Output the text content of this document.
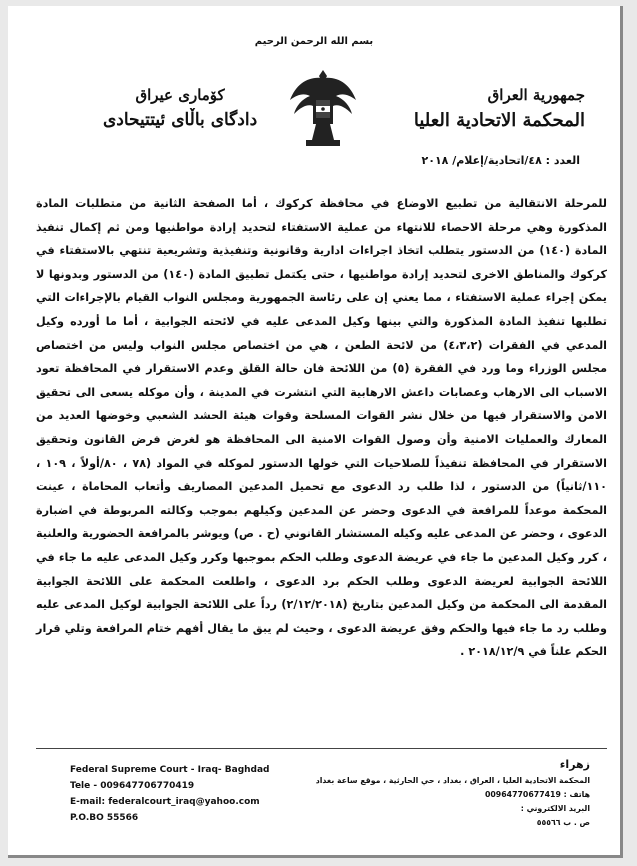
بسم الله الرحمن الرحيم
جمهورية العراق
المحكمة الاتحادية العليا
كۆماری عیراق
دادگای باڵای ئیتتیحادی
العدد : ٤٨/اتحادية/إعلام/ ٢٠١٨

للمرحلة الانتقالية من تطبيع الاوضاع في محافظة كركوك ، أما الصفحة الثانية من متطلبات المادة المذكورة وهي مرحلة الاحصاء للانتهاء من عملية الاستفتاء لتحديد إرادة مواطنيها ومن ثم إكمال تنفيذ المادة (١٤٠) من الدستور يتطلب اتخاذ اجراءات ادارية وقانونية وتنفيذية وتشريعية تنتهي بالاستفتاء في كركوك والمناطق الاخرى لتحديد إرادة مواطنيها ، حتى يكتمل تطبيق المادة (١٤٠) من الدستور وبدونها لا يمكن إجراء عملية الاستفتاء ، مما يعني إن على رئاسة الجمهورية ومجلس النواب القيام بالإجراءات التي تطلبها تنفيذ المادة المذكورة والتي بينها وكيل المدعى عليه في لائحته الجوابية ، أما ما أورده وكيل المدعي في الفقرات (٤،٣،٢) من لائحة الطعن ، هي من اختصاص مجلس النواب وليس من اختصاص مجلس الوزراء وما ورد في الفقرة (٥) من اللائحة فان حالة القلق وعدم الاستقرار في المحافظة تعود الاسباب الى الارهاب وعصابات داعش الارهابية التي انتشرت في المدينة ، وأن موكله يسعى الى تحقيق الامن والاستقرار فيها من خلال نشر القوات المسلحة وقوات هيئة الحشد الشعبي وخوضها العديد من المعارك والعمليات الامنية وأن وصول القوات الامنية الى المحافظة هو لغرض فرض القانون وتحقيق الاستقرار في المحافظة تنفيذاً للصلاحيات التي خولها الدستور لموكله في المواد (٧٨ ، ٨٠/أولاً ، ١٠٩ ، ١١٠/ثانياً) من الدستور ، لذا طلب رد الدعوى مع تحميل المدعين المصاريف وأتعاب المحاماة ، عينت المحكمة موعداً للمرافعة في الدعوى وحضر عن المدعين وكيلهم بموجب وكالته المربوطة في اضبارة الدعوى ، وحضر عن المدعى عليه وكيله المستشار القانوني (ح . ص) ويوشر بالمرافعة الحضورية والعلنية ، كرر وكيل المدعين ما جاء في عريضة الدعوى وطلب الحكم بموجبها وكرر وكيل المدعى عليه ما جاء في اللائحة الجوابية لعريضة الدعوى وطلب الحكم برد الدعوى ، واطلعت المحكمة على اللائحة الجوابية المقدمة الى المحكمة من وكيل المدعين بتاريخ (٢/١٢/٢٠١٨) رداً على اللائحة الجوابية لوكيل المدعى عليه وطلب رد ما جاء فيها والحكم وفق عريضة الدعوى ، وحيث لم يبق ما يقال أفهم ختام المرافعة وتلي قرار الحكم علناً في ٢٠١٨/١٢/٩ .

زهراء
المحكمة الاتحادية العليا ، العراق ، بغداد ، حي الحارثية ، موقع ساعة بغداد
هاتف : 00964770677419
البريد الالكتروني :
ص . ب ٥٥٥٦٦
Federal Supreme Court - Iraq- Baghdad
Tele - 009647706770419
E-mail: federalcourt_iraq@yahoo.com
P.O.BO 55566
